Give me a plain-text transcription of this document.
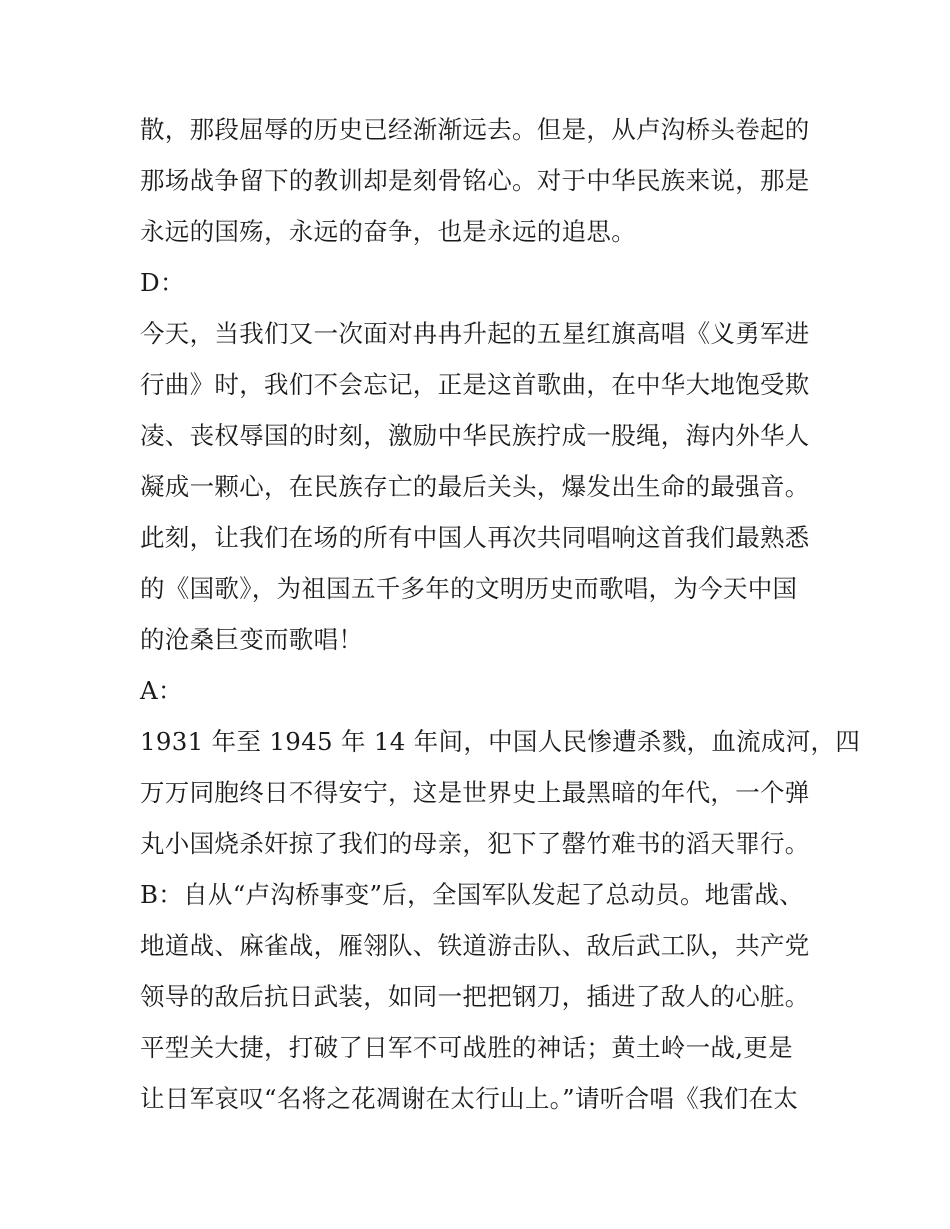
散，那段屈辱的历史已经渐渐远去。但是，从卢沟桥头卷起的
那场战争留下的教训却是刻骨铭心。对于中华民族来说，那是
永远的国殇，永远的奋争，也是永远的追思。
D：
今天，当我们又一次面对冉冉升起的五星红旗高唱《义勇军进
行曲》时，我们不会忘记，正是这首歌曲，在中华大地饱受欺
凌、丧权辱国的时刻，激励中华民族拧成一股绳，海内外华人
凝成一颗心，在民族存亡的最后关头，爆发出生命的最强音。
此刻，让我们在场的所有中国人再次共同唱响这首我们最熟悉
的《国歌》，为祖国五千多年的文明历史而歌唱，为今天中国
的沧桑巨变而歌唱！
A：
1931 年至 1945 年 14 年间，中国人民惨遭杀戮，血流成河，四
万万同胞终日不得安宁，这是世界史上最黑暗的年代，一个弹
丸小国烧杀奸掠了我们的母亲，犯下了罄竹难书的滔天罪行。
B：自从“卢沟桥事变”后，全国军队发起了总动员。地雷战、
地道战、麻雀战，雁翎队、铁道游击队、敌后武工队，共产党
领导的敌后抗日武装，如同一把把钢刀，插进了敌人的心脏。
平型关大捷，打破了日军不可战胜的神话；黄土岭一战,更是
让日军哀叹“名将之花凋谢在太行山上。”请听合唱《我们在太
